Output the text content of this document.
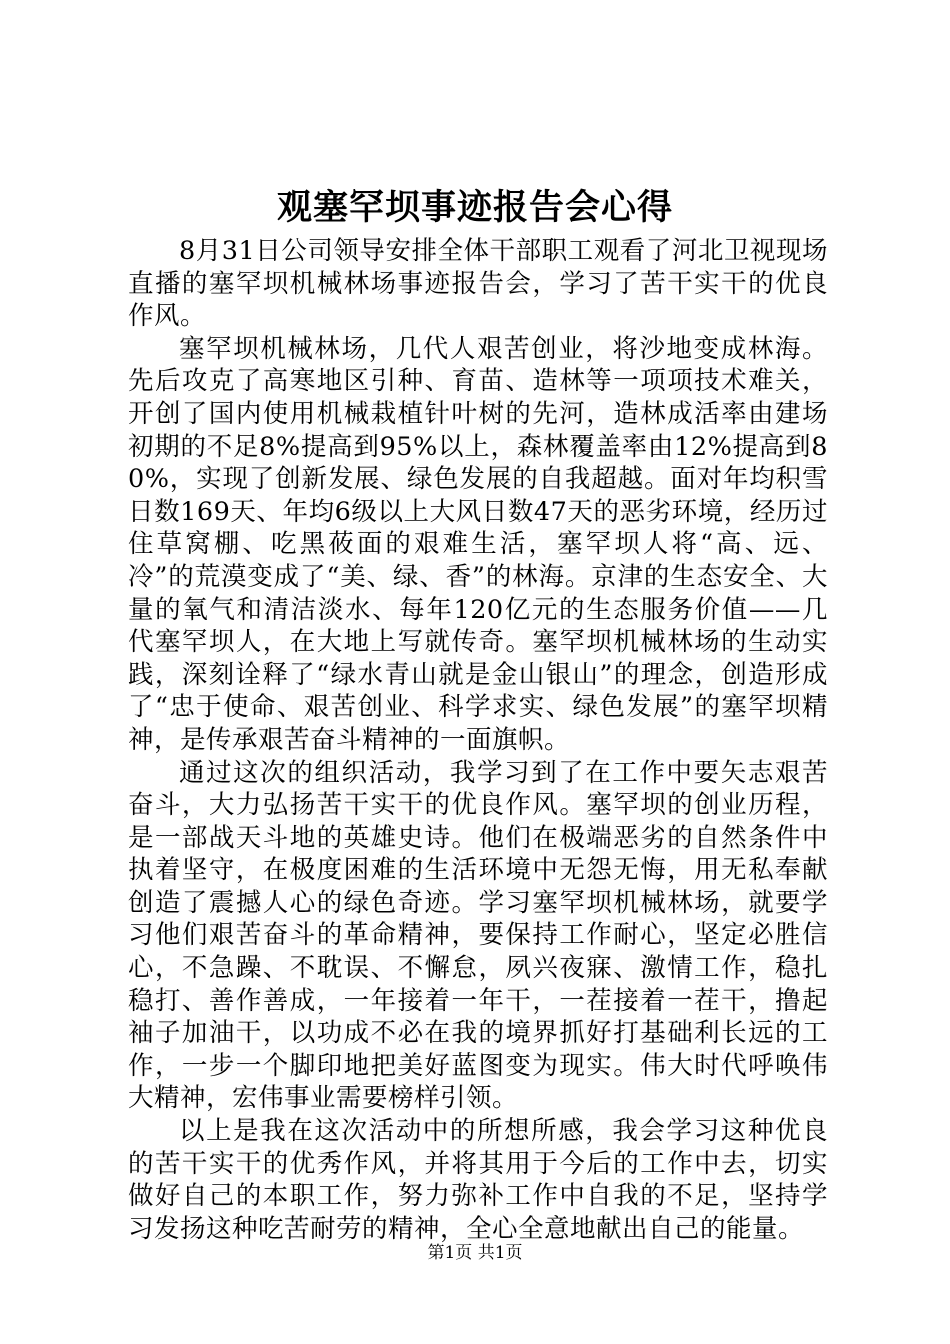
观塞罕坝事迹报告会心得

8月31日公司领导安排全体干部职工观看了河北卫视现场直播的塞罕坝机械林场事迹报告会，学习了苦干实干的优良作风。

塞罕坝机械林场，几代人艰苦创业，将沙地变成林海。先后攻克了高寒地区引种、育苗、造林等一项项技术难关，开创了国内使用机械栽植针叶树的先河，造林成活率由建场初期的不足8%提高到95%以上，森林覆盖率由12%提高到80%，实现了创新发展、绿色发展的自我超越。面对年均积雪日数169天、年均6级以上大风日数47天的恶劣环境，经历过住草窝棚、吃黑莜面的艰难生活，塞罕坝人将“高、远、冷”的荒漠变成了“美、绿、香”的林海。京津的生态安全、大量的氧气和清洁淡水、每年120亿元的生态服务价值——几代塞罕坝人，在大地上写就传奇。塞罕坝机械林场的生动实践，深刻诠释了“绿水青山就是金山银山”的理念，创造形成了“忠于使命、艰苦创业、科学求实、绿色发展”的塞罕坝精神，是传承艰苦奋斗精神的一面旗帜。

通过这次的组织活动，我学习到了在工作中要矢志艰苦奋斗，大力弘扬苦干实干的优良作风。塞罕坝的创业历程，是一部战天斗地的英雄史诗。他们在极端恶劣的自然条件中执着坚守，在极度困难的生活环境中无怨无悔，用无私奉献创造了震撼人心的绿色奇迹。学习塞罕坝机械林场，就要学习他们艰苦奋斗的革命精神，要保持工作耐心，坚定必胜信心，不急躁、不耽误、不懈怠，夙兴夜寐、激情工作，稳扎稳打、善作善成，一年接着一年干，一茬接着一茬干，撸起袖子加油干，以功成不必在我的境界抓好打基础利长远的工作，一步一个脚印地把美好蓝图变为现实。伟大时代呼唤伟大精神，宏伟事业需要榜样引领。

以上是我在这次活动中的所想所感，我会学习这种优良的苦干实干的优秀作风，并将其用于今后的工作中去，切实做好自己的本职工作，努力弥补工作中自我的不足，坚持学习发扬这种吃苦耐劳的精神，全心全意地献出自己的能量。

第1页 共1页
